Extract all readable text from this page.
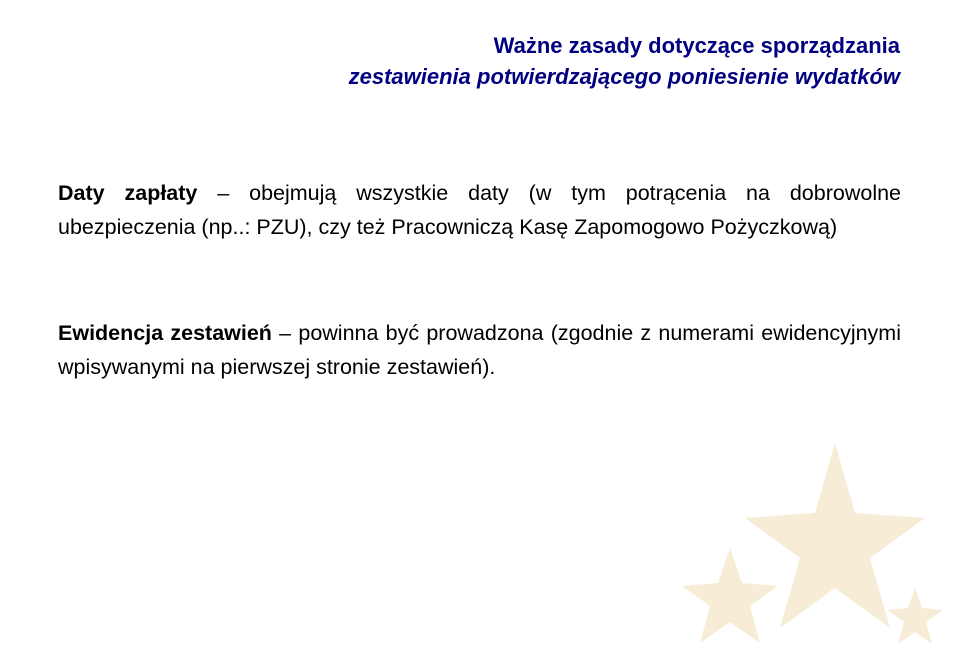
Ważne zasady dotyczące sporządzania
zestawienia potwierdzającego poniesienie wydatków
Daty zapłaty – obejmują wszystkie daty (w tym potrącenia na dobrowolne ubezpieczenia (np..: PZU), czy też Pracowniczą Kasę Zapomogowo Pożyczkową)
Ewidencja zestawień – powinna być prowadzona (zgodnie z numerami ewidencyjnymi wpisywanymi na pierwszej stronie zestawień).
